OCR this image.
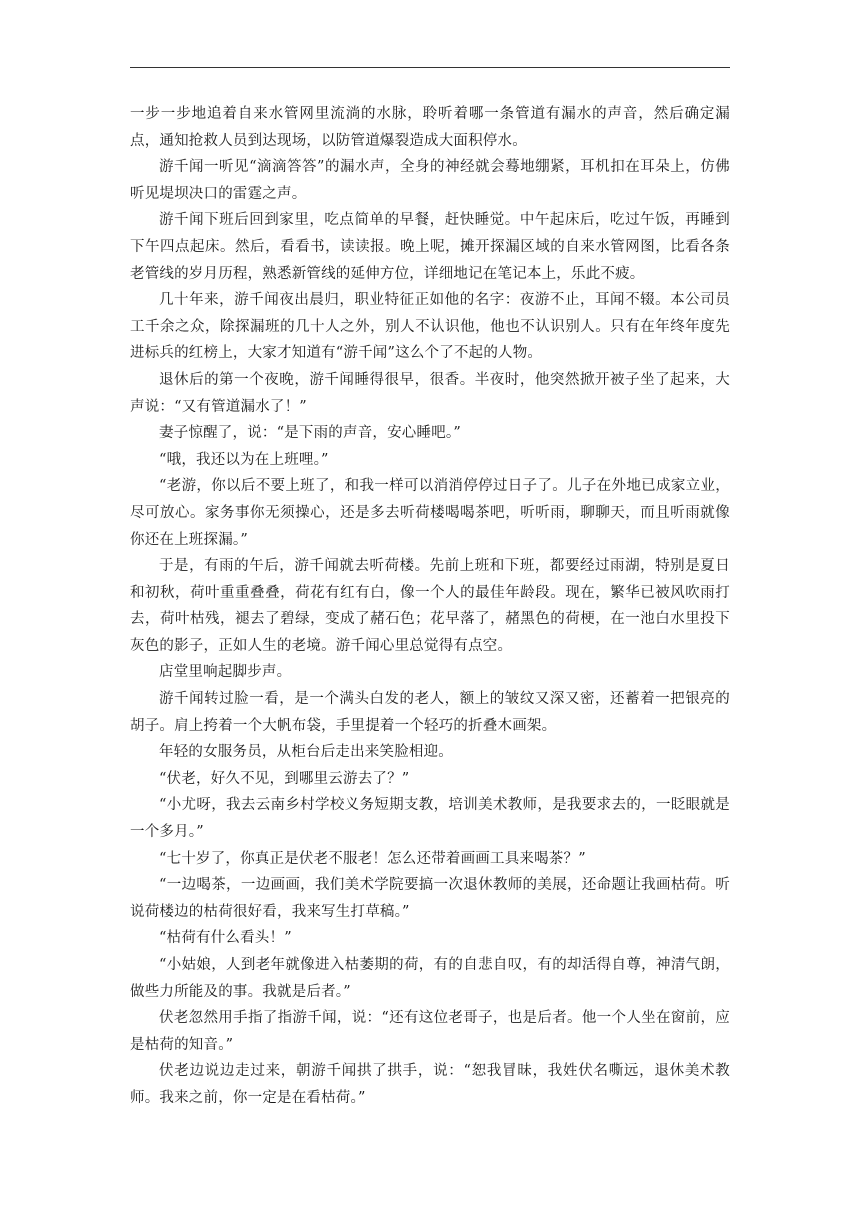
一步一步地追着自来水管网里流淌的水脉，聆听着哪一条管道有漏水的声音，然后确定漏点，通知抢救人员到达现场，以防管道爆裂造成大面积停水。

游千闻一听见“滴滴答答”的漏水声，全身的神经就会蓦地绷紧，耳机扣在耳朵上，仿佛听见堤坝决口的雷霆之声。

游千闻下班后回到家里，吃点简单的早餐，赶快睡觉。中午起床后，吃过午饭，再睡到下午四点起床。然后，看看书，读读报。晚上呢，摊开探漏区域的自来水管网图，比看各条老管线的岁月历程，熟悉新管线的延伸方位，详细地记在笔记本上，乐此不疲。

几十年来，游千闻夜出晨归，职业特征正如他的名字：夜游不止，耳闻不辍。本公司员工千余之众，除探漏班的几十人之外，别人不认识他，他也不认识别人。只有在年终年度先进标兵的红榜上，大家才知道有“游千闻”这么个了不起的人物。

退休后的第一个夜晚，游千闻睡得很早，很香。半夜时，他突然掀开被子坐了起来，大声说：“又有管道漏水了！”

妻子惊醒了，说：“是下雨的声音，安心睡吧。”

“哦，我还以为在上班哩。”

“老游，你以后不要上班了，和我一样可以消消停停过日子了。儿子在外地已成家立业，尽可放心。家务事你无须操心，还是多去听荷楼喝喝茶吧，听听雨，聊聊天，而且听雨就像你还在上班探漏。”

于是，有雨的午后，游千闻就去听荷楼。先前上班和下班，都要经过雨湖，特别是夏日和初秋，荷叶重重叠叠，荷花有红有白，像一个人的最佳年龄段。现在，繁华已被风吹雨打去，荷叶枯残，褪去了碧绿，变成了赭石色；花早落了，赭黑色的荷梗，在一池白水里投下灰色的影子，正如人生的老境。游千闻心里总觉得有点空。

店堂里响起脚步声。

游千闻转过脸一看，是一个满头白发的老人，额上的皱纹又深又密，还蓄着一把银亮的胡子。肩上挎着一个大帆布袋，手里提着一个轻巧的折叠木画架。

年轻的女服务员，从柜台后走出来笑脸相迎。

“伏老，好久不见，到哪里云游去了？”

“小尤呀，我去云南乡村学校义务短期支教，培训美术教师，是我要求去的，一眨眼就是一个多月。”

“七十岁了，你真正是伏老不服老！怎么还带着画画工具来喝茶？”

“一边喝茶，一边画画，我们美术学院要搞一次退休教师的美展，还命题让我画枯荷。听说荷楼边的枯荷很好看，我来写生打草稿。”

“枯荷有什么看头！”

“小姑娘，人到老年就像进入枯萎期的荷，有的自悲自叹，有的却活得自尊，神清气朗，做些力所能及的事。我就是后者。”

伏老忽然用手指了指游千闻，说：“还有这位老哥子，也是后者。他一个人坐在窗前，应是枯荷的知音。”

伏老边说边走过来，朝游千闻拱了拱手，说：“恕我冒昧，我姓伏名嘶远，退休美术教师。我来之前，你一定是在看枯荷。”
